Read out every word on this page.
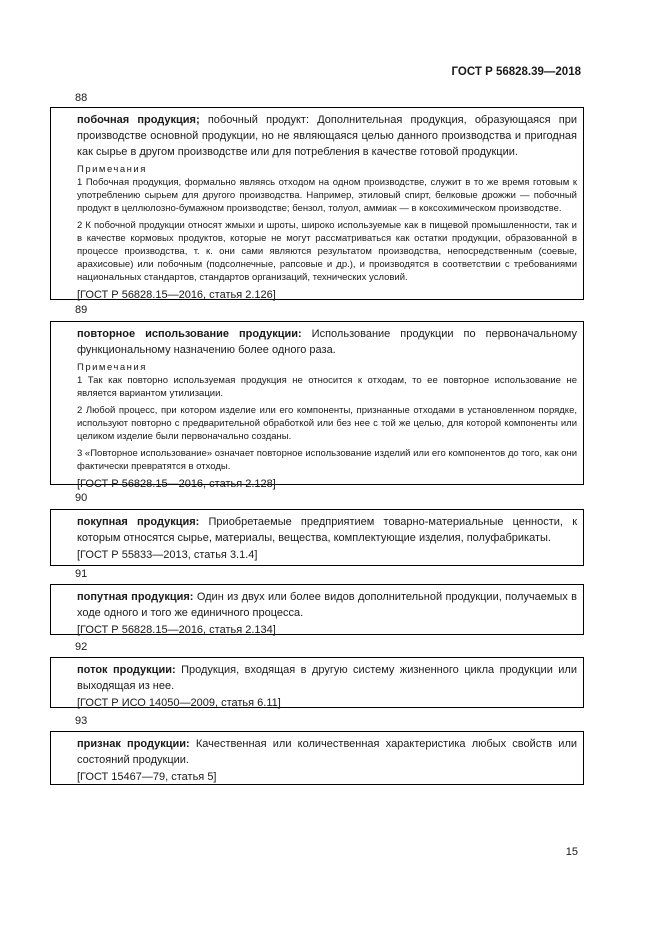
ГОСТ Р 56828.39—2018
88

побочная продукция; побочный продукт: Дополнительная продукция, образующаяся при производстве основной продукции, но не являющаяся целью данного производства и пригодная как сырье в другом производстве или для потребления в качестве готовой продукции.

Примечания

1 Побочная продукция, формально являясь отходом на одном производстве, служит в то же время готовым к употреблению сырьем для другого производства. Например, этиловый спирт, белковые дрожжи — побочный продукт в целлюлозно-бумажном производстве; бензол, толуол, аммиак — в коксохимическом производстве.

2 К побочной продукции относят жмыхи и шроты, широко используемые как в пищевой промышленности, так и в качестве кормовых продуктов, которые не могут рассматриваться как остатки продукции, образованной в процессе производства, т. к. они сами являются результатом производства, непосредственным (соевые, арахисовые) или побочным (подсолнечные, рапсовые и др.), и производятся в соответствии с требованиями национальных стандартов, стандартов организаций, технических условий.

[ГОСТ Р 56828.15—2016, статья 2.126]
89

повторное использование продукции: Использование продукции по первоначальному функциональному назначению более одного раза.

Примечания

1 Так как повторно используемая продукция не относится к отходам, то ее повторное использование не является вариантом утилизации.

2 Любой процесс, при котором изделие или его компоненты, признанные отходами в установленном порядке, используют повторно с предварительной обработкой или без нее с той же целью, для которой компоненты или целиком изделие были первоначально созданы.

3 «Повторное использование» означает повторное использование изделий или его компонентов до того, как они фактически превратятся в отходы.

[ГОСТ Р 56828.15—2016, статья 2.128]
90

покупная продукция: Приобретаемые предприятием товарно-материальные ценности, к которым относятся сырье, материалы, вещества, комплектующие изделия, полуфабрикаты.

[ГОСТ Р 55833—2013, статья 3.1.4]
91

попутная продукция: Один из двух или более видов дополнительной продукции, получаемых в ходе одного и того же единичного процесса.

[ГОСТ Р 56828.15—2016, статья 2.134]
92

поток продукции: Продукция, входящая в другую систему жизненного цикла продукции или выходящая из нее.

[ГОСТ Р ИСО 14050—2009, статья 6.11]
93

признак продукции: Качественная или количественная характеристика любых свойств или состояний продукции.

[ГОСТ 15467—79, статья 5]
15
